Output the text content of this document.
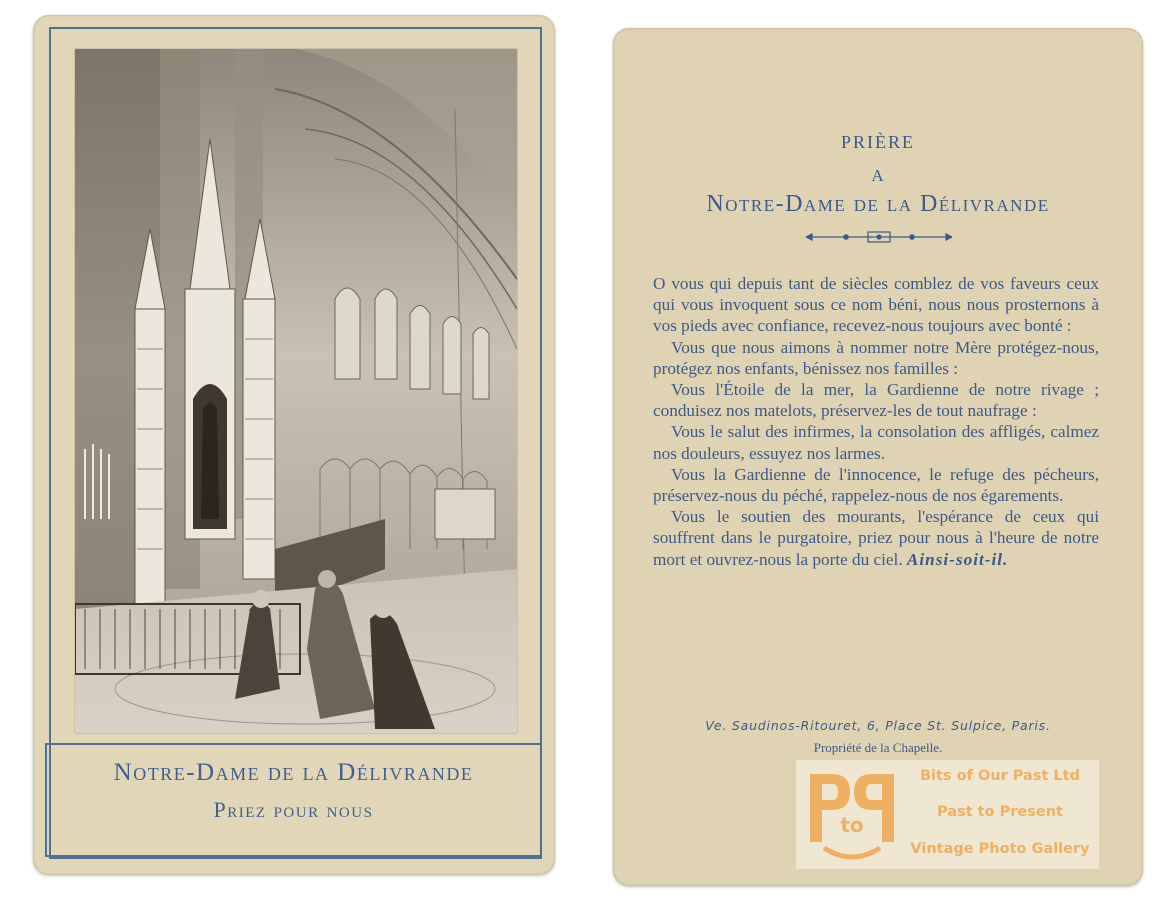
Notre-Dame de la Délivrande
Priez pour nous
PRIÈRE
A
Notre-Dame de la Délivrande

O vous qui depuis tant de siècles comblez de vos faveurs ceux qui vous invoquent sous ce nom béni, nous nous prosternons à vos pieds avec confiance, recevez-nous toujours avec bonté :

Vous que nous aimons à nommer notre Mère protégez-nous, protégez nos enfants, bénissez nos familles :

Vous l'Étoile de la mer, la Gardienne de notre rivage ; conduisez nos matelots, préservez-les de tout naufrage :

Vous le salut des infirmes, la consolation des affligés, calmez nos douleurs, essuyez nos larmes.

Vous la Gardienne de l'innocence, le refuge des pécheurs, préservez-nous du péché, rappelez-nous de nos égarements.

Vous le soutien des mourants, l'espérance de ceux qui souffrent dans le purgatoire, priez pour nous à l'heure de notre mort et ouvrez-nous la porte du ciel. Ainsi-soit-il.

Ve. Saudinos-Ritouret, 6, Place St. Sulpice, Paris.
Propriété de la Chapelle.
to
Bits of Our Past Ltd
Past to Present
Vintage Photo Gallery
